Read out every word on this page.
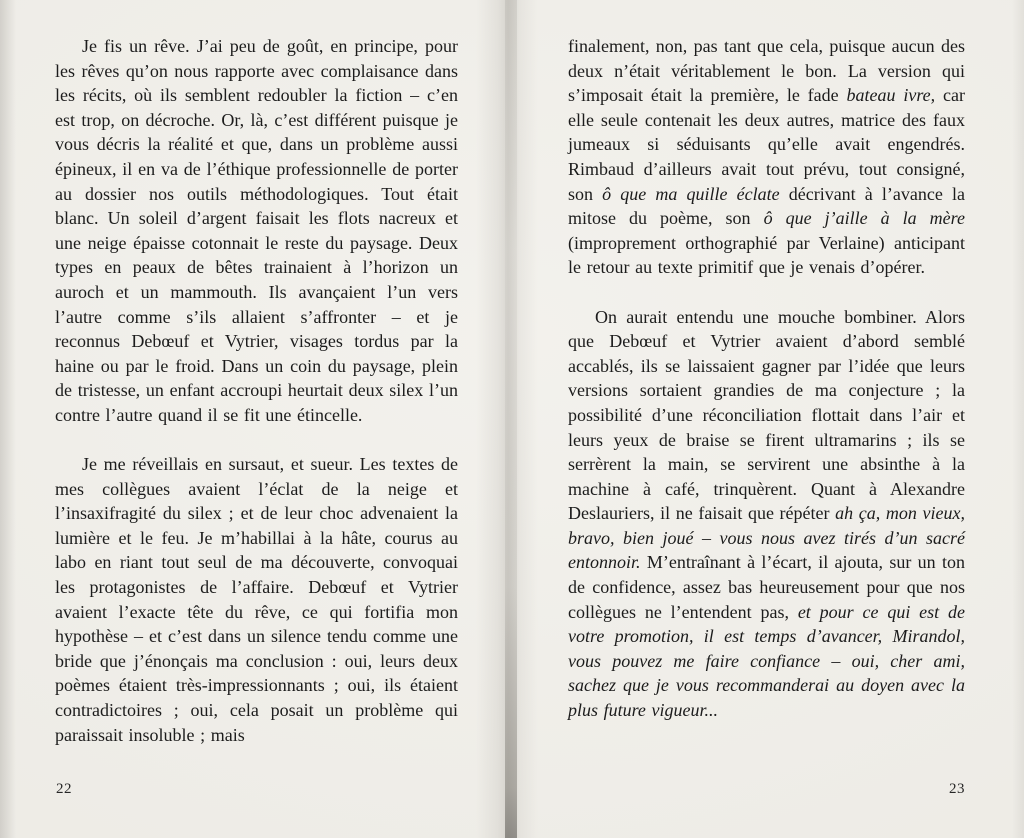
Je fis un rêve. J’ai peu de goût, en principe, pour les rêves qu’on nous rapporte avec complaisance dans les récits, où ils semblent redoubler la fiction – c’en est trop, on décroche. Or, là, c’est différent puisque je vous décris la réalité et que, dans un problème aussi épineux, il en va de l’éthique professionnelle de porter au dossier nos outils méthodologiques. Tout était blanc. Un soleil d’argent faisait les flots nacreux et une neige épaisse cotonnait le reste du paysage. Deux types en peaux de bêtes trainaient à l’horizon un auroch et un mammouth. Ils avançaient l’un vers l’autre comme s’ils allaient s’affronter – et je reconnus Debœuf et Vytrier, visages tordus par la haine ou par le froid. Dans un coin du paysage, plein de tristesse, un enfant accroupi heurtait deux silex l’un contre l’autre quand il se fit une étincelle.

Je me réveillais en sursaut, et sueur. Les textes de mes collègues avaient l’éclat de la neige et l’insaxifragité du silex ; et de leur choc advenaient la lumière et le feu. Je m’habillai à la hâte, courus au labo en riant tout seul de ma découverte, convoquai les protagonistes de l’affaire. Debœuf et Vytrier avaient l’exacte tête du rêve, ce qui fortifia mon hypothèse – et c’est dans un silence tendu comme une bride que j’énonçais ma conclusion : oui, leurs deux poèmes étaient très-impressionnants ; oui, ils étaient contradictoires ; oui, cela posait un problème qui paraissait insoluble ; mais

22

finalement, non, pas tant que cela, puisque aucun des deux n’était véritablement le bon. La version qui s’imposait était la première, le fade bateau ivre, car elle seule contenait les deux autres, matrice des faux jumeaux si séduisants qu’elle avait engendrés. Rimbaud d’ailleurs avait tout prévu, tout consigné, son ô que ma quille éclate décrivant à l’avance la mitose du poème, son ô que j’aille à la mère (improprement orthographié par Verlaine) anticipant le retour au texte primitif que je venais d’opérer.

On aurait entendu une mouche bombiner. Alors que Debœuf et Vytrier avaient d’abord semblé accablés, ils se laissaient gagner par l’idée que leurs versions sortaient grandies de ma conjecture ; la possibilité d’une réconciliation flottait dans l’air et leurs yeux de braise se firent ultramarins ; ils se serrèrent la main, se servirent une absinthe à la machine à café, trinquèrent. Quant à Alexandre Deslauriers, il ne faisait que répéter ah ça, mon vieux, bravo, bien joué – vous nous avez tirés d’un sacré entonnoir. M’entraînant à l’écart, il ajouta, sur un ton de confidence, assez bas heureusement pour que nos collègues ne l’entendent pas, et pour ce qui est de votre promotion, il est temps d’avancer, Mirandol, vous pouvez me faire confiance – oui, cher ami, sachez que je vous recommanderai au doyen avec la plus future vigueur...

23
